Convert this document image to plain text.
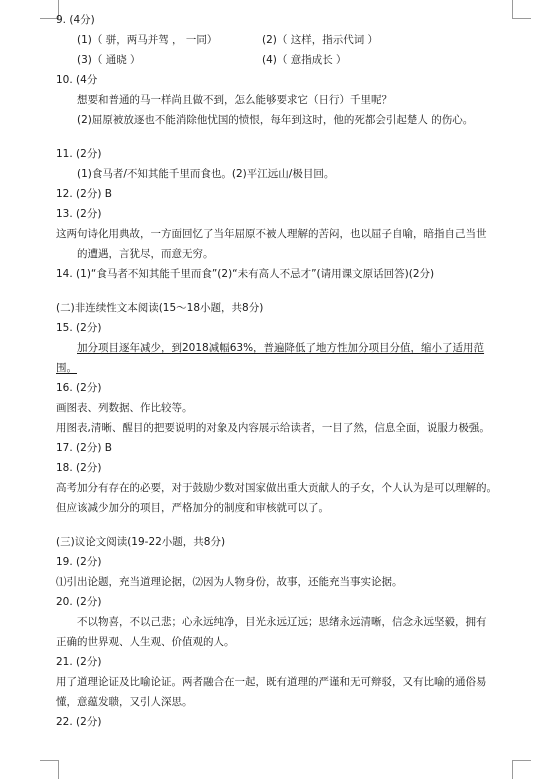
9. (4分)
(1)（ 骈，两马并驾 ， 一同）	(2)（ 这样，指示代词 ）
(3)（ 通晓 ）	(4)（ 意指成长 ）
10. (4分
想要和普通的马一样尚且做不到，怎么能够要求它（日行）千里呢？
(2)屈原被放逐也不能消除他忧国的愤恨，每年到这时，他的死都会引起楚人 的伤心。
11. (2分)
(1)食马者/不知其能千里而食也。(2)平江远山/极目回。
12. (2分) B
13. (2分)
这两句诗化用典故，一方面回忆了当年屈原不被人理解的苦闷，也以屈子自喻，暗指自己当世
的遭遇，言犹尽，而意无穷。
14. (1)“食马者不知其能千里而食”(2)“未有高人不忌才”(请用课文原话回答)(2分)
(二)非连续性文本阅读(15～18小题，共8分)
15. (2分)
加分项目逐年减少，到2018减幅63%，普遍降低了地方性加分项目分值，缩小了适用范
围。
16. (2分)
画图表、列数据、作比较等。
用图表,清晰、醒目的把要说明的对象及内容展示给读者，一目了然，信息全面，说服力极强。
17. (2分) B
18. (2分)
高考加分有存在的必要，对于鼓励少数对国家做出重大贡献人的子女，个人认为是可以理解的。
但应该减少加分的项目，严格加分的制度和审核就可以了。
(三)议论文阅读(19-22小题，共8分)
19. (2分)
⑴引出论题，充当道理论据，⑵因为人物身份，故事，还能充当事实论据。
20. (2分)
不以物喜，不以己悲；心永远纯净，目光永远辽远；思绪永远清晰，信念永远坚毅，拥有
正确的世界观、人生观、价值观的人。
21. (2分)
用了道理论证及比喻论证。两者融合在一起，既有道理的严谨和无可辩驳，又有比喻的通俗易
懂，意蕴发聩，又引人深思。
22. (2分)
